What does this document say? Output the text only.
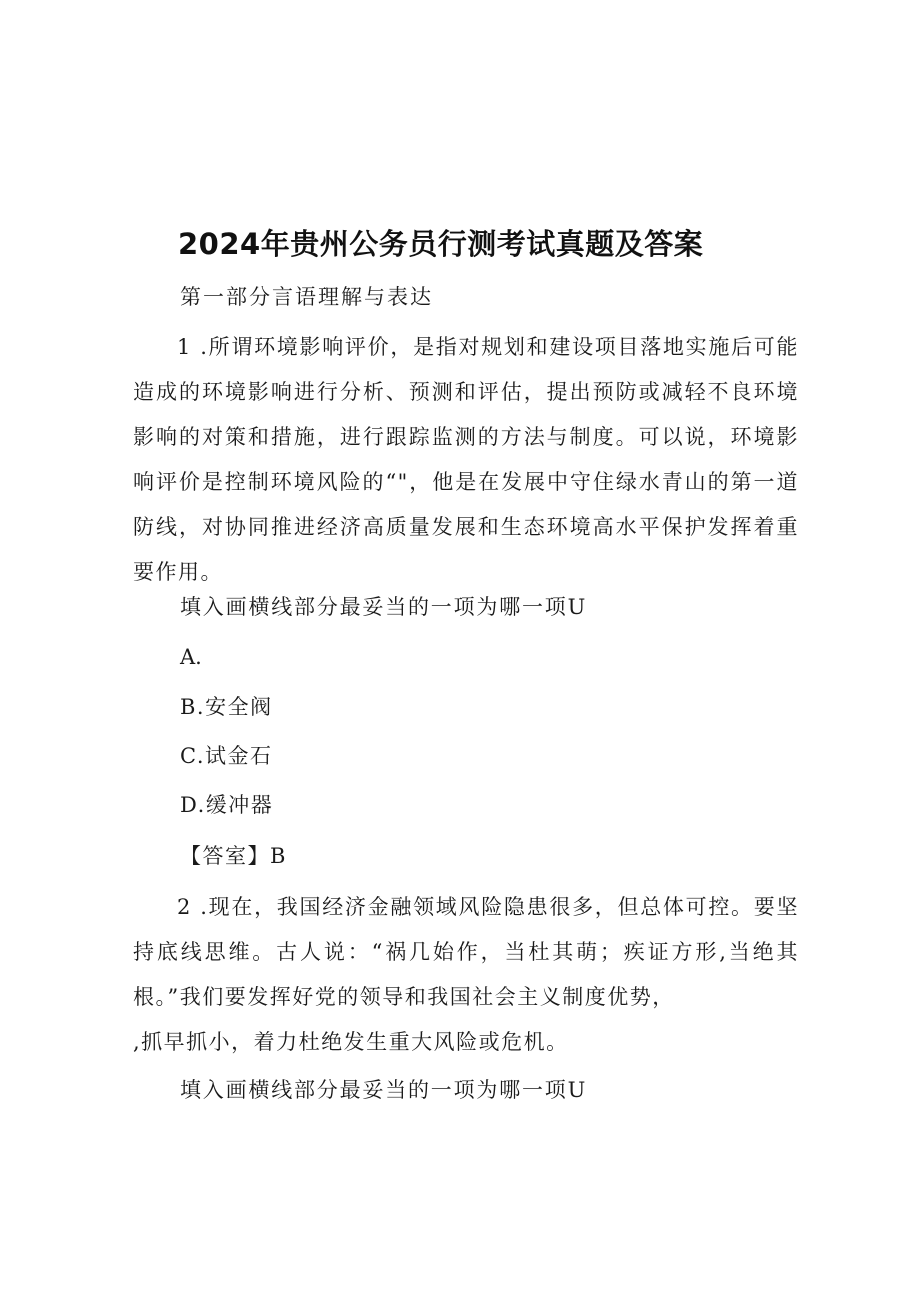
2024年贵州公务员行测考试真题及答案
第一部分言语理解与表达
1 .所谓环境影响评价，是指对规划和建设项目落地实施后可能造成的环境影响进行分析、预测和评估，提出预防或减轻不良环境影响的对策和措施，进行跟踪监测的方法与制度。可以说，环境影响评价是控制环境风险的“"，他是在发展中守住绿水青山的第一道防线，对协同推进经济高质量发展和生态环境高水平保护发挥着重要作用。
填入画横线部分最妥当的一项为哪一项U
A.
B.安全阀
C.试金石
D.缓冲器
【答室】B
2 .现在，我国经济金融领域风险隐患很多，但总体可控。要坚持底线思维。古人说：“祸几始作，当杜其萌；疾证方形,当绝其根。”我们要发挥好党的领导和我国社会主义制度优势，
,抓早抓小，着力杜绝发生重大风险或危机。
填入画横线部分最妥当的一项为哪一项U
